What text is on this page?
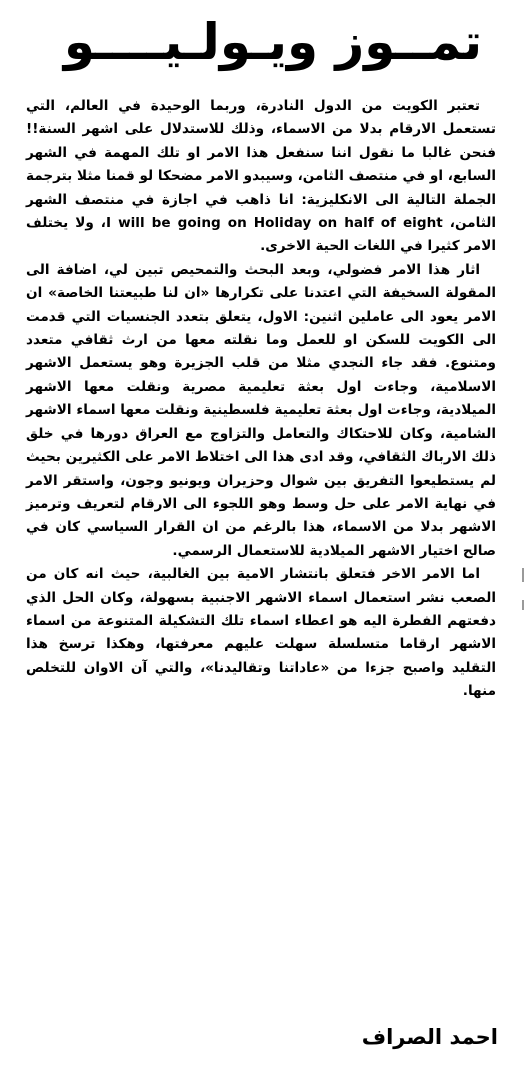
تمــوز ويـولـيــــو

تعتبر الكويت من الدول النادرة، وربما الوحيدة في العالم، التي تستعمل الارقام بدلا من الاسماء، وذلك للاستدلال على اشهر السنة!! فنحن غالبا ما نقول اننا سنفعل هذا الامر او تلك المهمة في الشهر السابع، او في منتصف الثامن، وسيبدو الامر مضحكا لو قمنا مثلا بترجمة الجملة التالية الى الانكليزية: انا ذاهب في اجازة في منتصف الشهر الثامن، I will be going on Holiday on half of eight، ولا يختلف الامر كثيرا في اللغات الحية الاخرى.

اثار هذا الامر فضولي، وبعد البحث والتمحيص تبين لي، اضافة الى المقولة السخيفة التي اعتدنا على تكرارها «ان لنا طبيعتنا الخاصة» ان الامر يعود الى عاملين اثنين: الاول، يتعلق بتعدد الجنسيات التي قدمت الى الكويت للسكن او للعمل وما نقلته معها من ارث ثقافي متعدد ومتنوع. فقد جاء النجدي مثلا من قلب الجزيرة وهو يستعمل الاشهر الاسلامية، وجاءت اول بعثة تعليمية مصرية ونقلت معها الاشهر الميلادية، وجاءت اول بعثة تعليمية فلسطينية ونقلت معها اسماء الاشهر الشامية، وكان للاحتكاك والتعامل والتزاوج مع العراق دورها في خلق ذلك الارباك الثقافي، وقد ادى هذا الى اختلاط الامر على الكثيرين بحيث لم يستطيعوا التفريق بين شوال وحزيران ويونيو وجون، واستقر الامر في نهاية الامر على حل وسط وهو اللجوء الى الارقام لتعريف وترميز الاشهر بدلا من الاسماء، هذا بالرغم من ان القرار السياسي كان في صالح اختيار الاشهر الميلادية للاستعمال الرسمي.

اما الامر الاخر فتعلق بانتشار الامية بين الغالبية، حيث انه كان من الصعب نشر استعمال اسماء الاشهر الاجنبية بسهولة، وكان الحل الذي دفعتهم الفطرة اليه هو اعطاء اسماء تلك التشكيلة المتنوعة من اسماء الاشهر ارقاما متسلسلة سهلت عليهم معرفتها، وهكذا ترسخ هذا التقليد واصبح جزءا من «عاداتنا وتقاليدنا»، والتي آن الاوان للتخلص منها.

احمد الصراف
